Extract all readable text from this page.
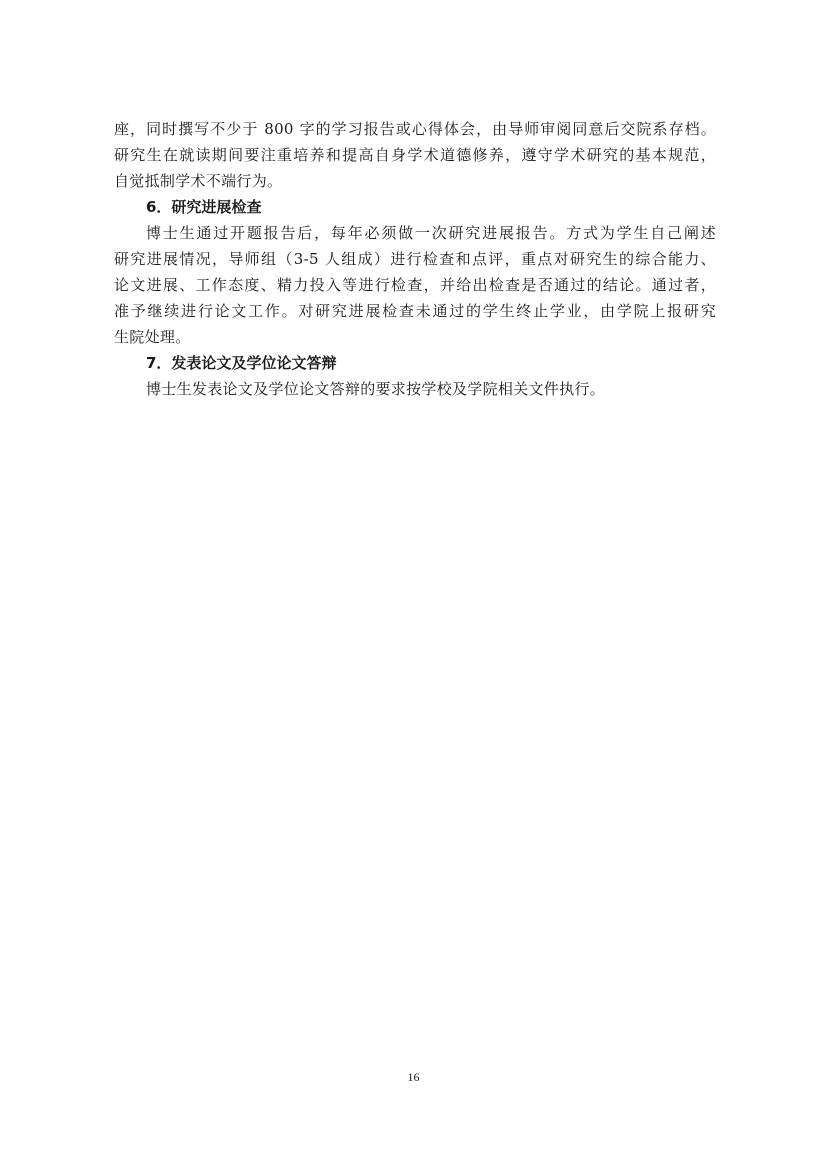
座，同时撰写不少于 800 字的学习报告或心得体会，由导师审阅同意后交院系存档。
研究生在就读期间要注重培养和提高自身学术道德修养，遵守学术研究的基本规范，
自觉抵制学术不端行为。
6．研究进展检查
博士生通过开题报告后，每年必须做一次研究进展报告。方式为学生自己阐述
研究进展情况，导师组（3-5 人组成）进行检查和点评，重点对研究生的综合能力、
论文进展、工作态度、精力投入等进行检查，并给出检查是否通过的结论。通过者，
准予继续进行论文工作。对研究进展检查未通过的学生终止学业，由学院上报研究
生院处理。
7．发表论文及学位论文答辩
博士生发表论文及学位论文答辩的要求按学校及学院相关文件执行。
16
